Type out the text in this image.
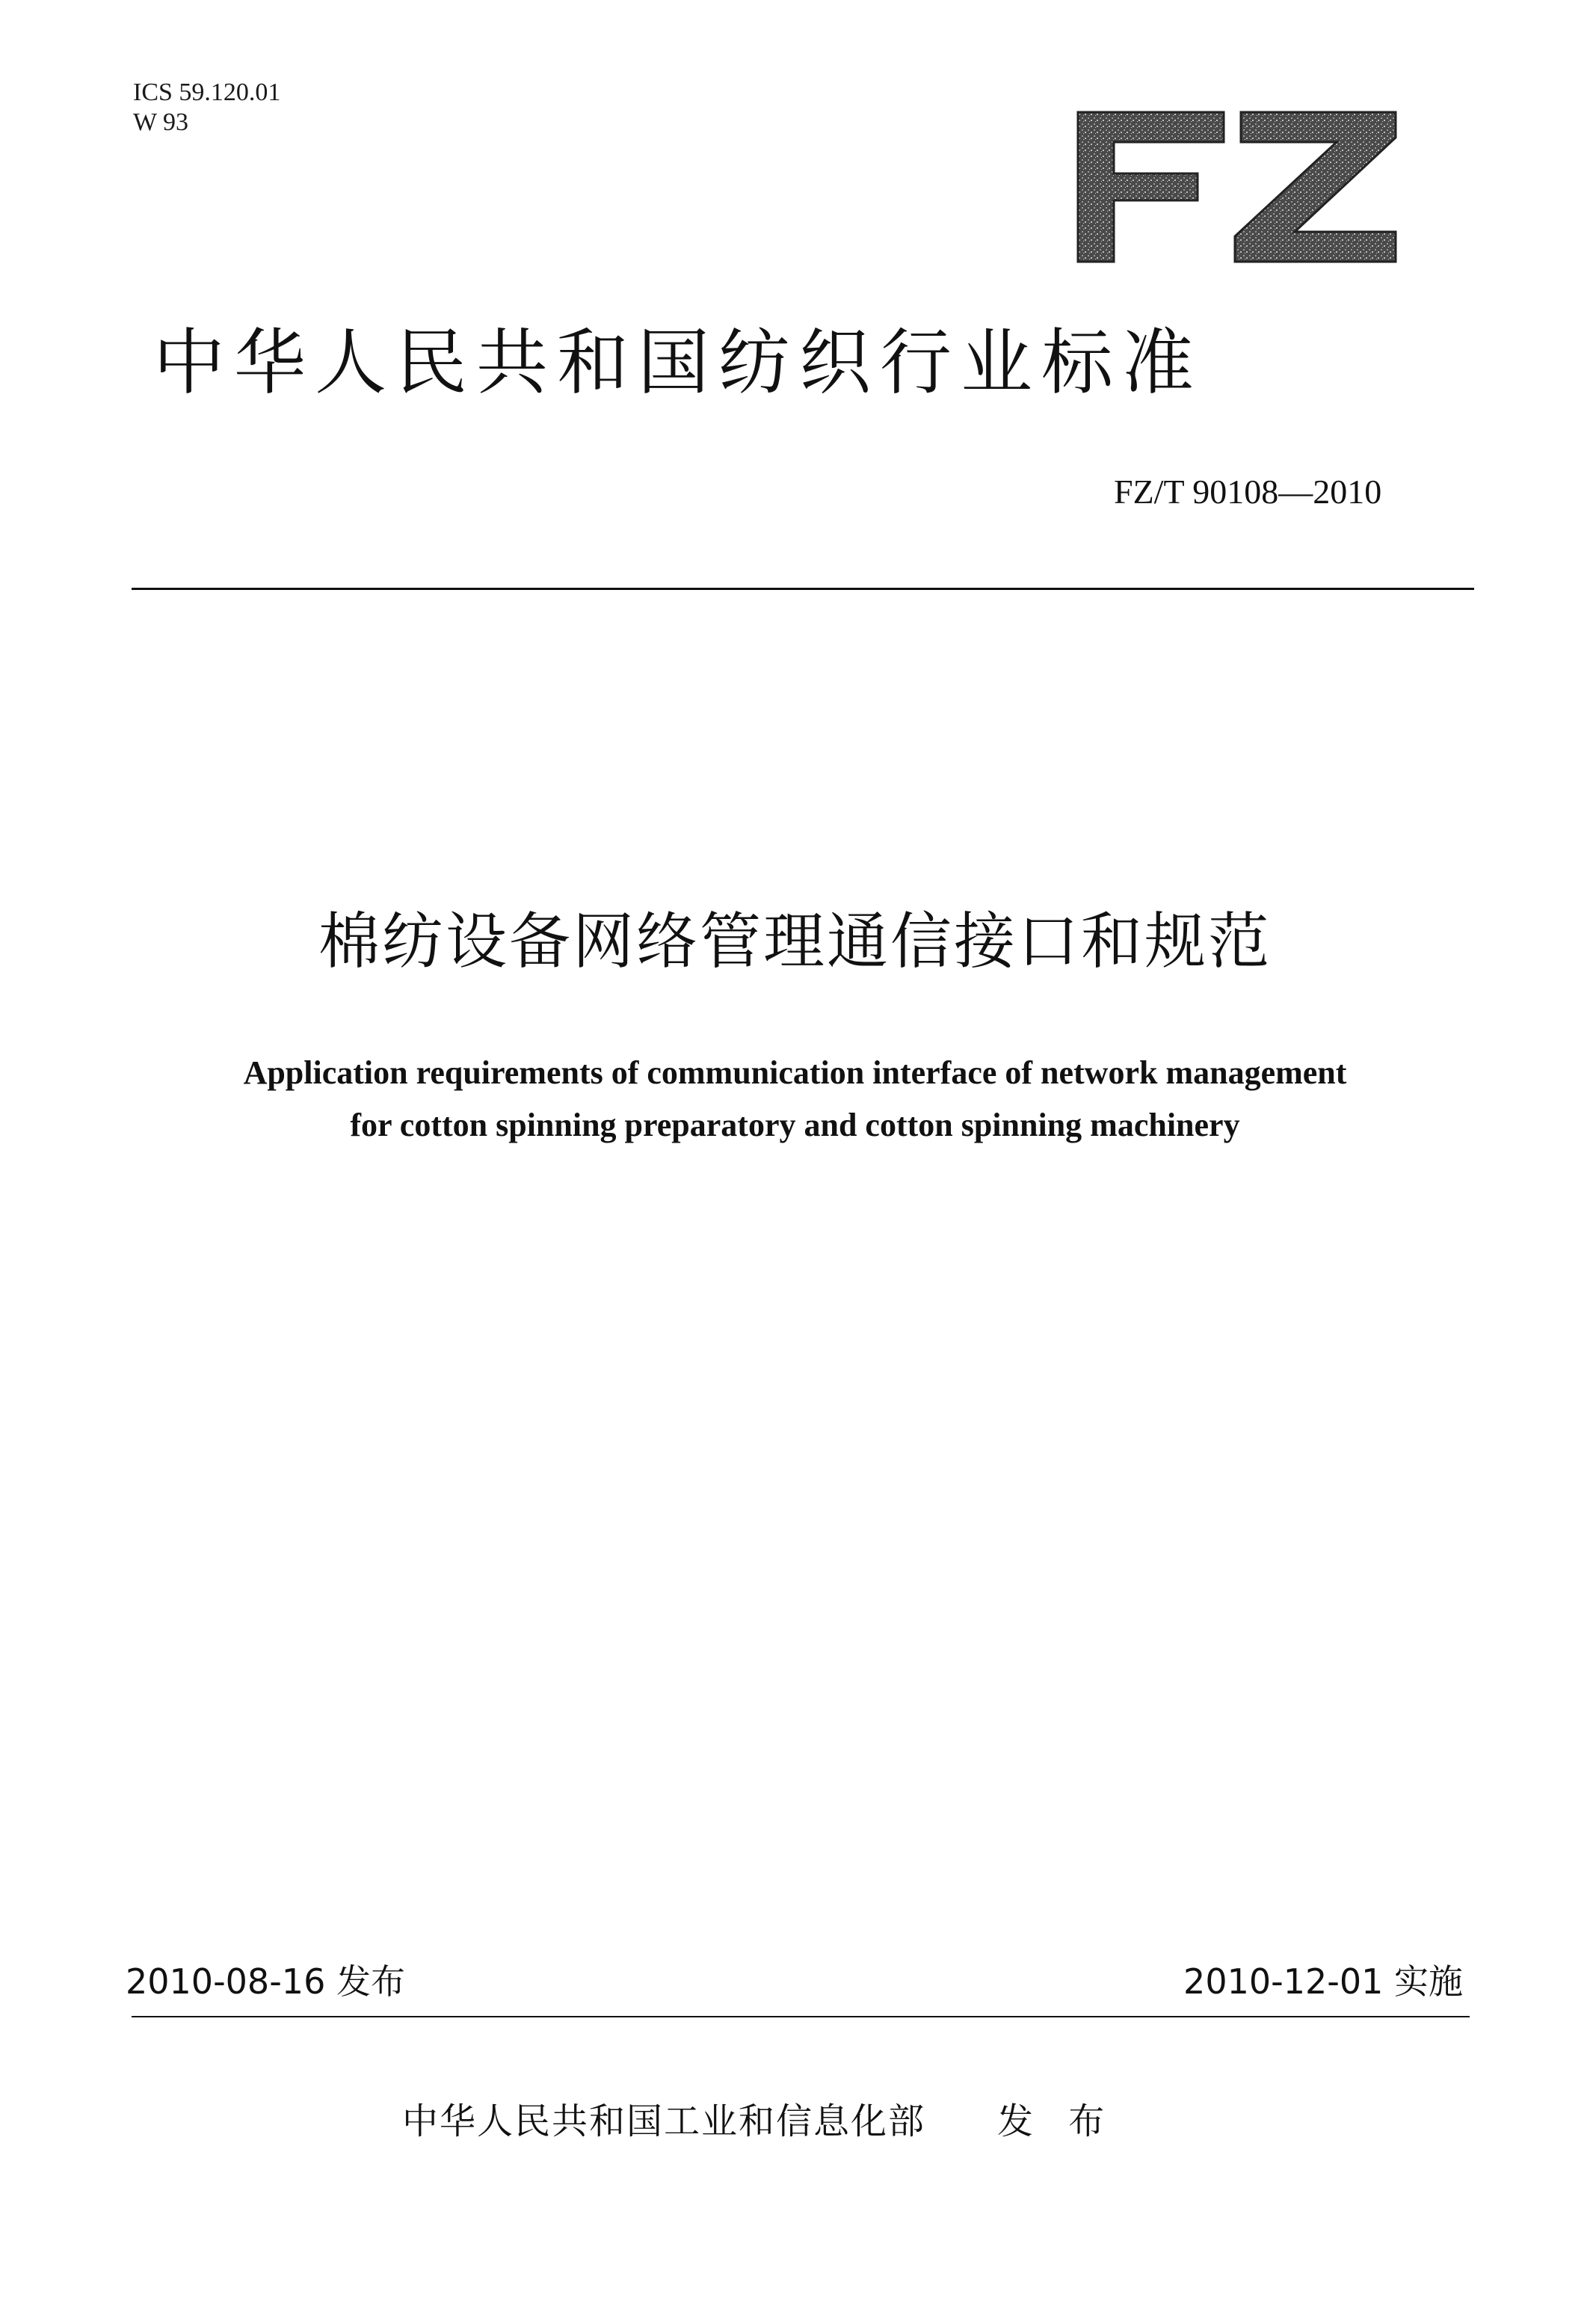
ICS 59.120.01
W 93
中华人民共和国纺织行业标准
FZ/T 90108—2010
棉纺设备网络管理通信接口和规范
Application requirements of communication interface of network management
for cotton spinning preparatory and cotton spinning machinery
2010-08-16 发布	2010-12-01 实施
中华人民共和国工业和信息化部 发 布
